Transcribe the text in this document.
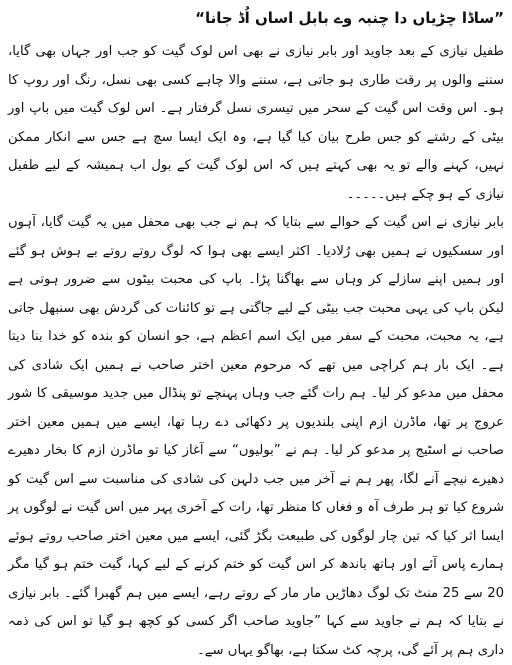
”ساڈا چڑیاں دا چنبہ وے بابل اساں اُڈ جانا“

طفیل نیازی کے بعد جاوید اور بابر نیازی نے بھی اس لوک گیت کو جب اور جہاں بھی گایا، سننے والوں پر رقت طاری ہو جاتی ہے، سننے والا چاہے کسی بھی نسل، رنگ اور روپ کا ہو۔ اس وقت اس گیت کے سحر میں تیسری نسل گرفتار ہے۔ اس لوک گیت میں باپ اور بیٹی کے رشتے کو جس طرح بیان کیا گیا ہے، وہ ایک ایسا سچ ہے جس سے انکار ممکن نہیں، کہنے والے تو یہ بھی کہتے ہیں کہ اس لوک گیت کے بول اب ہمیشہ کے لیے طفیل نیازی کے ہو چکے ہیں۔۔۔۔۔

بابر نیازی نے اس گیت کے حوالے سے بتایا کہ ہم نے جب بھی محفل میں یہ گیت گایا، آہوں اور سسکیوں نے ہمیں بھی رُلادیا۔ اکثر ایسے بھی ہوا کہ لوگ روتے روتے بے ہوش ہو گئے اور ہمیں اپنے سازلے کر وہاں سے بھاگنا پڑا۔ باپ کی محبت بیٹوں سے ضرور ہوتی ہے لیکن باپ کی یہی محبت جب بیٹی کے لیے جاگتی ہے تو کائنات کی گردش بھی سنبھل جاتی ہے، یہ محبت، محبت کے سفر میں ایک اسم اعظم ہے، جو انسان کو بندہ کو خدا بنا دیتا ہے۔ ایک بار ہم کراچی میں تھے کہ مرحوم معین اختر صاحب نے ہمیں ایک شادی کی محفل میں مدعو کر لیا۔ ہم رات گئے جب وہاں پہنچے تو پنڈال میں جدید موسیقی کا شور عروج پر تھا، ماڈرن ازم اپنی بلندیوں پر دکھائی دے رہا تھا، ایسے میں ہمیں معین اختر صاحب نے اسٹیج پر مدعو کر لیا۔ ہم نے ”بولیوں“ سے آغاز کیا تو ماڈرن ازم کا بخار دھیرے دھیرے نیچے آنے لگا، پھر ہم نے آخر میں جب دلہن کی شادی کی مناسبت سے اس گیت کو شروع کیا تو ہر طرف آہ و فغاں کا منظر تھا، رات کے آخری پہر میں اس گیت نے لوگوں پر ایسا اثر کیا کہ تین چار لوگوں کی طبیعت بگڑ گئی، ایسے میں معین اختر صاحب روتے ہوئے ہمارے پاس آئے اور ہاتھ باندھ کر اس گیت کو ختم کرنے کے لیے کہا، گیت ختم ہو گیا مگر 20 سے 25 منٹ تک لوگ دھاڑیں مار مار کے روتے رہے، ایسے میں ہم گھبرا گئے۔ بابر نیازی نے بتایا کہ ہم نے جاوید سے کہا ”جاوید صاحب اگر کسی کو کچھ ہو گیا تو اس کی ذمہ داری ہم پر آئے گی، پرچہ کٹ سکتا ہے، بھاگو یہاں سے۔
